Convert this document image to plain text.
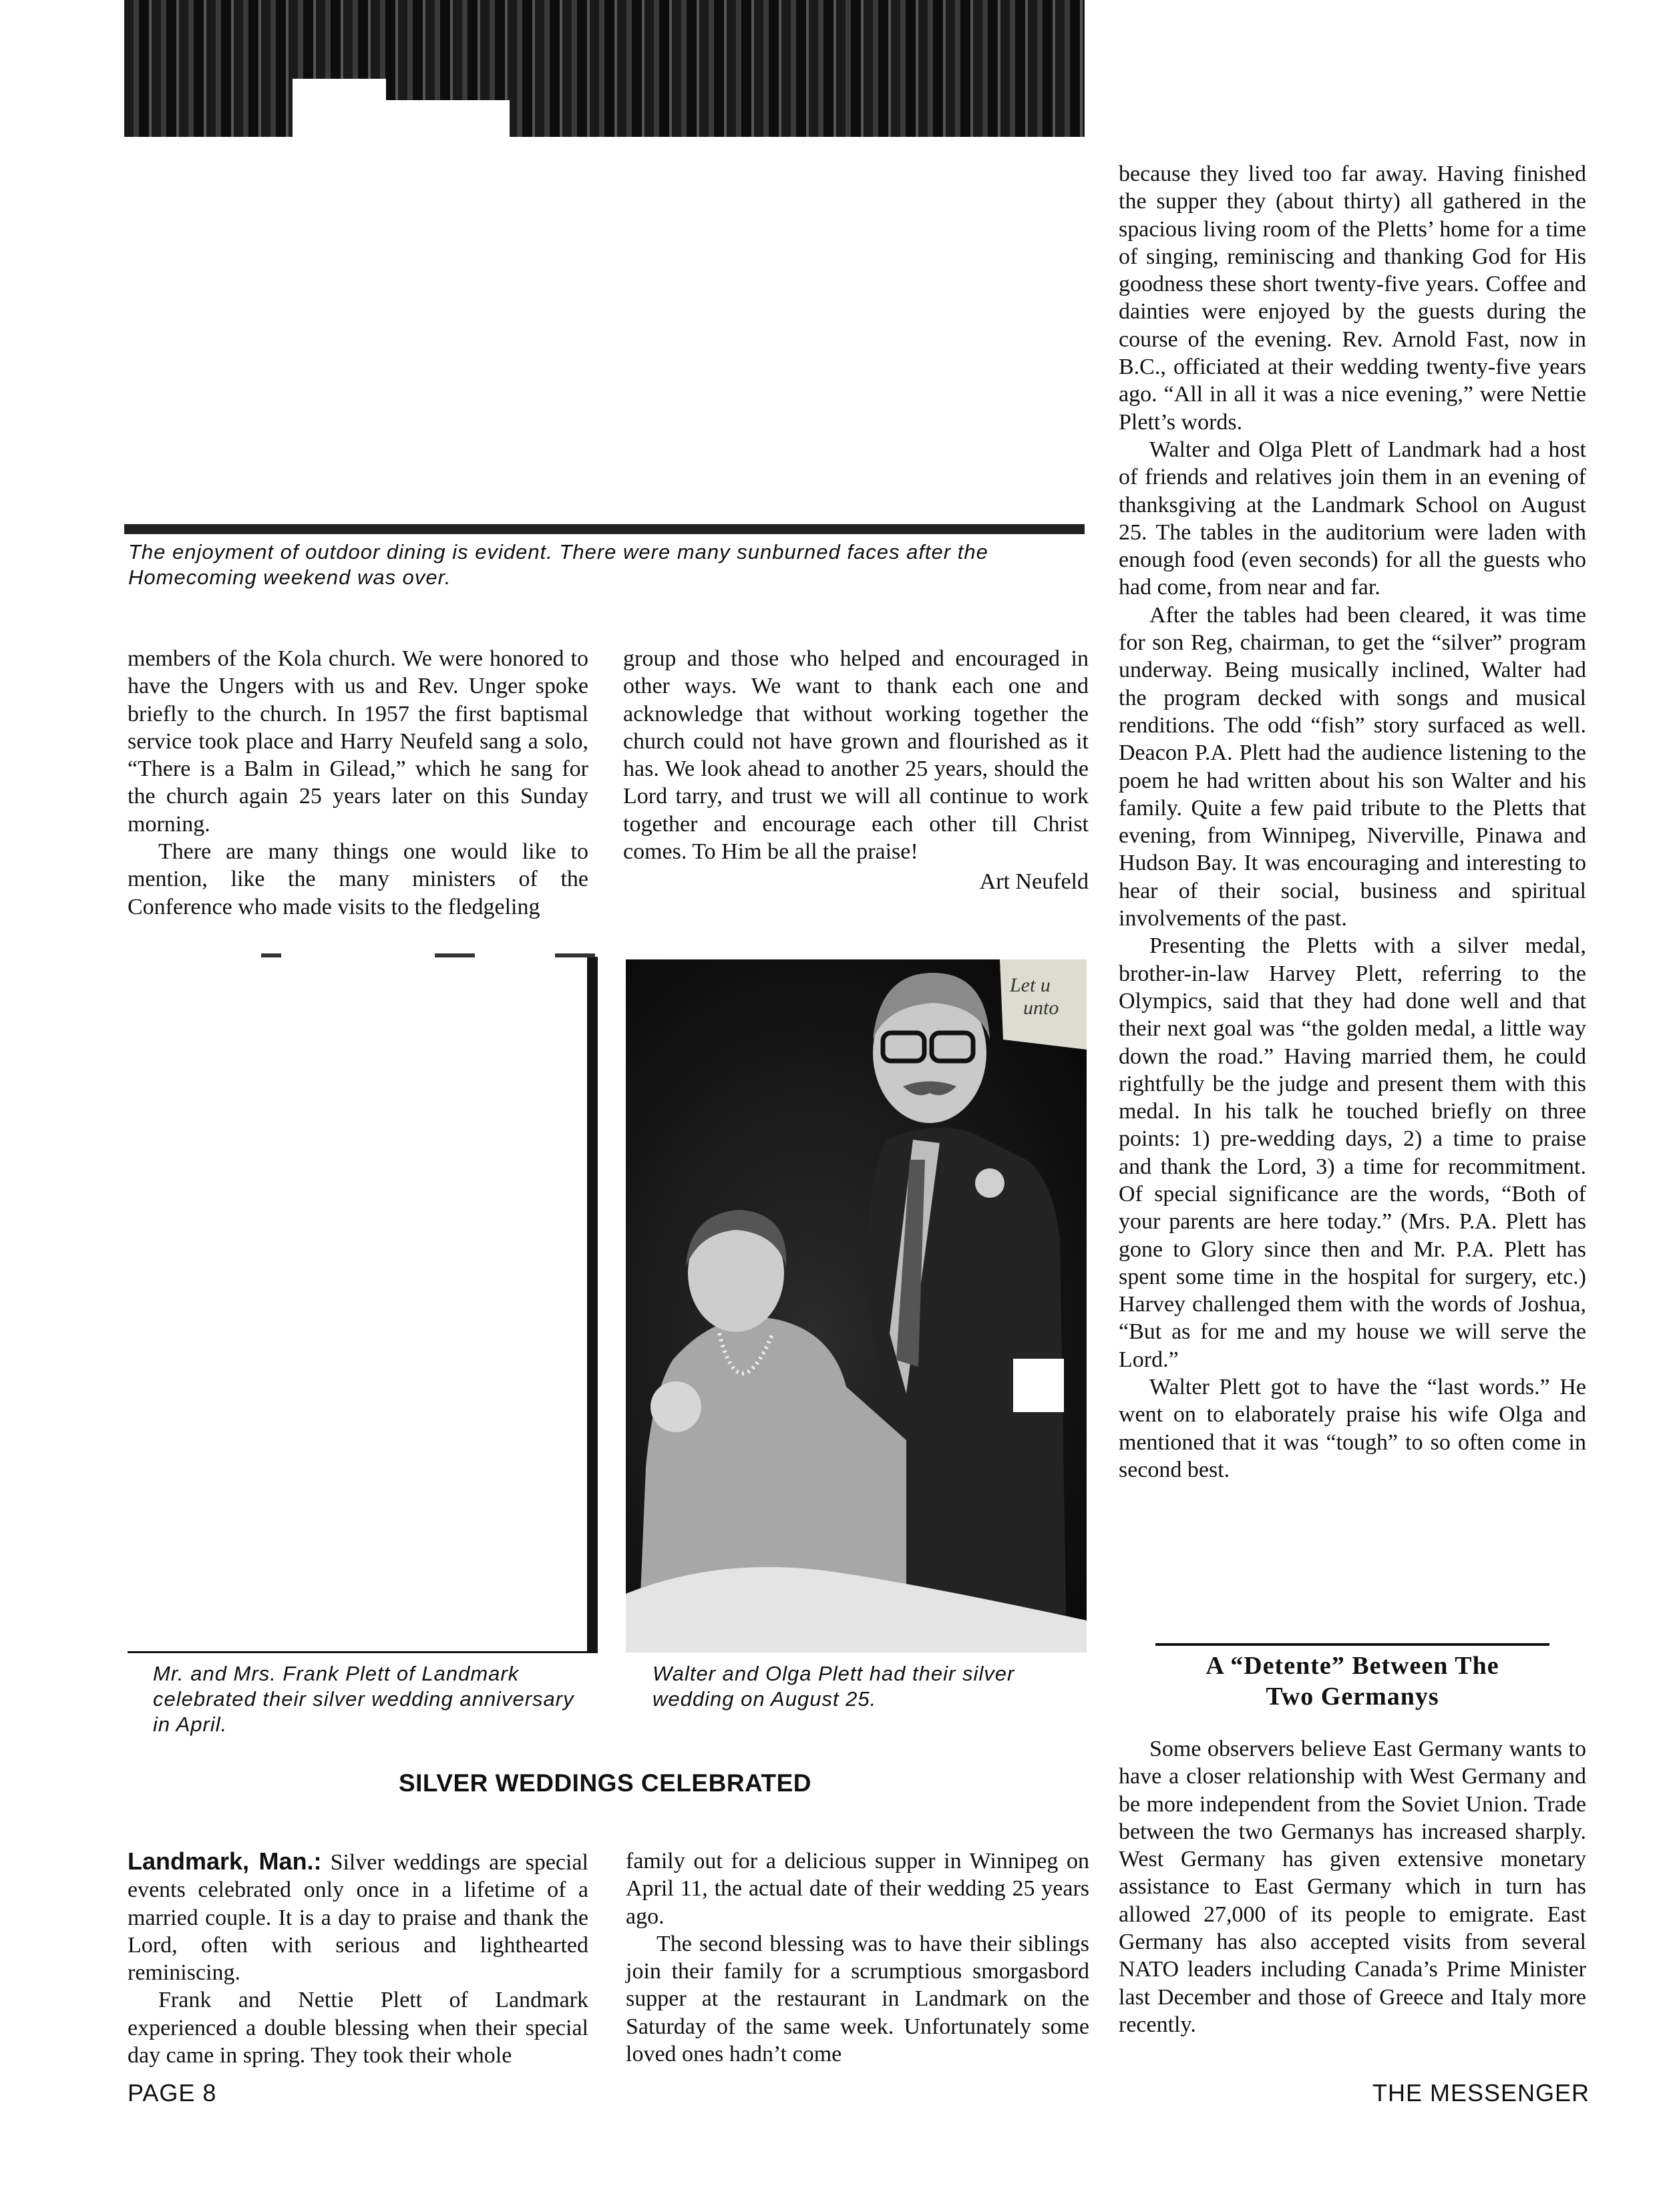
The enjoyment of outdoor dining is evident. There were many sunburned faces after the Homecoming weekend was over.

members of the Kola church. We were honored to have the Ungers with us and Rev. Unger spoke briefly to the church. In 1957 the first baptismal service took place and Harry Neufeld sang a solo, “There is a Balm in Gilead,” which he sang for the church again 25 years later on this Sunday morning.

There are many things one would like to mention, like the many ministers of the Conference who made visits to the fledgeling

group and those who helped and encouraged in other ways. We want to thank each one and acknowledge that without working together the church could not have grown and flourished as it has. We look ahead to another 25 years, should the Lord tarry, and trust we will all continue to work together and encourage each other till Christ comes. To Him be all the praise!

Art Neufeld
Let u
unto
Mr. and Mrs. Frank Plett of Landmark celebrated their silver wedding anniversary in April.
Walter and Olga Plett had their silver wedding on August 25.
SILVER WEDDINGS CELEBRATED

Landmark, Man.: Silver weddings are special events celebrated only once in a lifetime of a married couple. It is a day to praise and thank the Lord, often with serious and lighthearted reminiscing.

Frank and Nettie Plett of Landmark experienced a double blessing when their special day came in spring. They took their whole

family out for a delicious supper in Winnipeg on April 11, the actual date of their wedding 25 years ago.

The second blessing was to have their siblings join their family for a scrumptious smorgasbord supper at the restaurant in Landmark on the Saturday of the same week. Unfortunately some loved ones hadn’t come

because they lived too far away. Having finished the supper they (about thirty) all gathered in the spacious living room of the Pletts’ home for a time of singing, reminiscing and thanking God for His goodness these short twenty-five years. Coffee and dainties were enjoyed by the guests during the course of the evening. Rev. Arnold Fast, now in B.C., officiated at their wedding twenty-five years ago. “All in all it was a nice evening,” were Nettie Plett’s words.

Walter and Olga Plett of Landmark had a host of friends and relatives join them in an evening of thanksgiving at the Landmark School on August 25. The tables in the auditorium were laden with enough food (even seconds) for all the guests who had come, from near and far.

After the tables had been cleared, it was time for son Reg, chairman, to get the “silver” program underway. Being musically inclined, Walter had the program decked with songs and musical renditions. The odd “fish” story surfaced as well. Deacon P.A. Plett had the audience listening to the poem he had written about his son Walter and his family. Quite a few paid tribute to the Pletts that evening, from Winnipeg, Niverville, Pinawa and Hudson Bay. It was encouraging and interesting to hear of their social, business and spiritual involvements of the past.

Presenting the Pletts with a silver medal, brother-in-law Harvey Plett, referring to the Olympics, said that they had done well and that their next goal was “the golden medal, a little way down the road.” Having married them, he could rightfully be the judge and present them with this medal. In his talk he touched briefly on three points: 1) pre-wedding days, 2) a time to praise and thank the Lord, 3) a time for recommitment. Of special significance are the words, “Both of your parents are here today.” (Mrs. P.A. Plett has gone to Glory since then and Mr. P.A. Plett has spent some time in the hospital for surgery, etc.) Harvey challenged them with the words of Joshua, “But as for me and my house we will serve the Lord.”

Walter Plett got to have the “last words.” He went on to elaborately praise his wife Olga and mentioned that it was “tough” to so often come in second best.

A “Detente” Between The
Two Germanys

Some observers believe East Germany wants to have a closer relationship with West Germany and be more independent from the Soviet Union. Trade between the two Germanys has increased sharply. West Germany has given extensive monetary assistance to East Germany which in turn has allowed 27,000 of its people to emigrate. East Germany has also accepted visits from several NATO leaders including Canada’s Prime Minister last December and those of Greece and Italy more recently.

PAGE 8	THE MESSENGER
